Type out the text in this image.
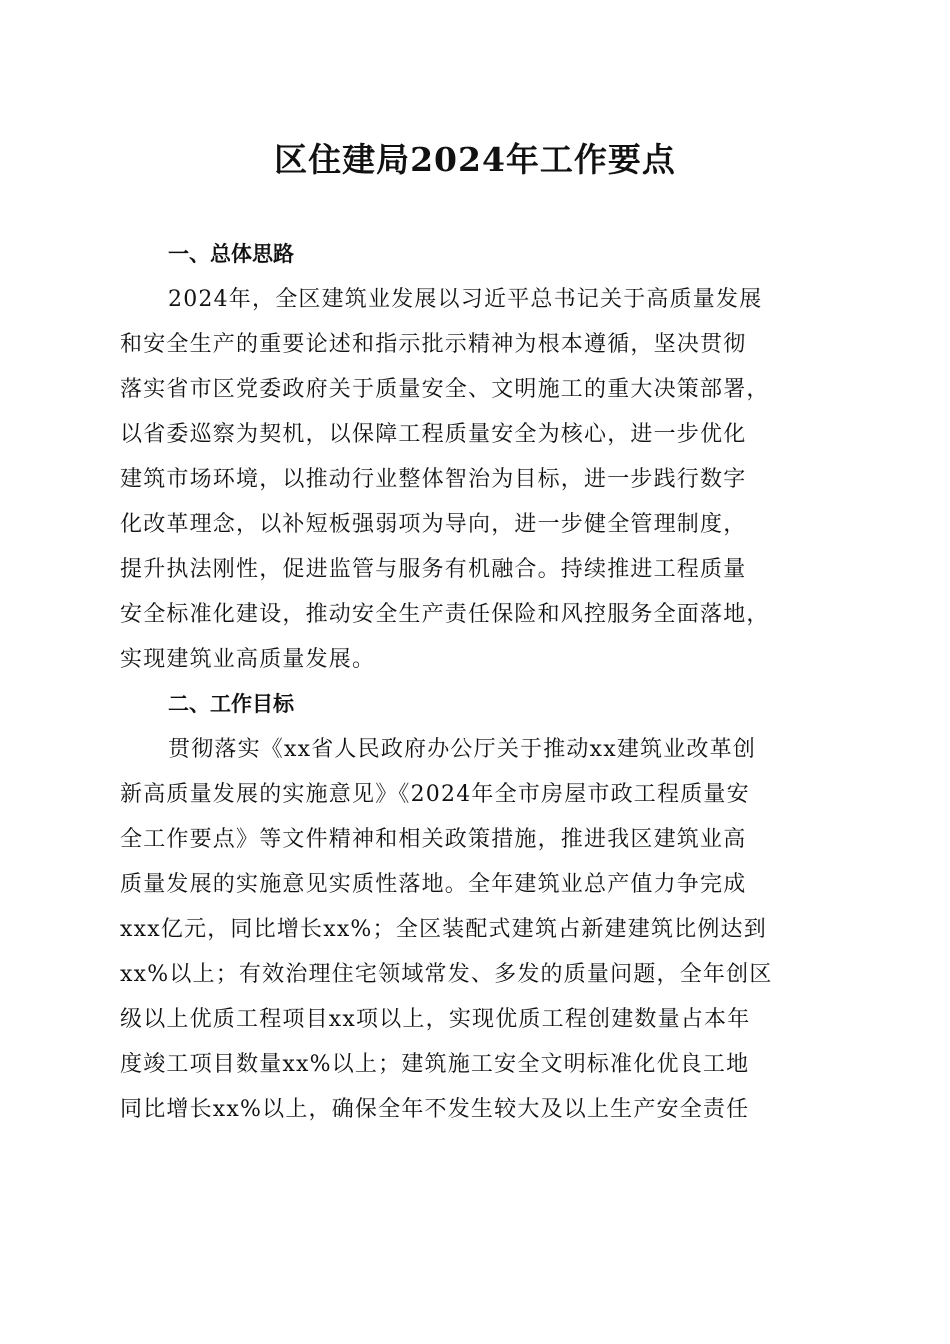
区住建局2024年工作要点
一、总体思路
2024年，全区建筑业发展以习近平总书记关于高质量发展
和安全生产的重要论述和指示批示精神为根本遵循，坚决贯彻
落实省市区党委政府关于质量安全、文明施工的重大决策部署，
以省委巡察为契机，以保障工程质量安全为核心，进一步优化
建筑市场环境，以推动行业整体智治为目标，进一步践行数字
化改革理念，以补短板强弱项为导向，进一步健全管理制度，
提升执法刚性，促进监管与服务有机融合。持续推进工程质量
安全标准化建设，推动安全生产责任保险和风控服务全面落地，
实现建筑业高质量发展。
二、工作目标
贯彻落实《xx省人民政府办公厅关于推动xx建筑业改革创
新高质量发展的实施意见》《2024年全市房屋市政工程质量安
全工作要点》等文件精神和相关政策措施，推进我区建筑业高
质量发展的实施意见实质性落地。全年建筑业总产值力争完成
xxx亿元，同比增长xx%；全区装配式建筑占新建建筑比例达到
xx%以上；有效治理住宅领域常发、多发的质量问题，全年创区
级以上优质工程项目xx项以上，实现优质工程创建数量占本年
度竣工项目数量xx%以上；建筑施工安全文明标准化优良工地
同比增长xx%以上，确保全年不发生较大及以上生产安全责任
